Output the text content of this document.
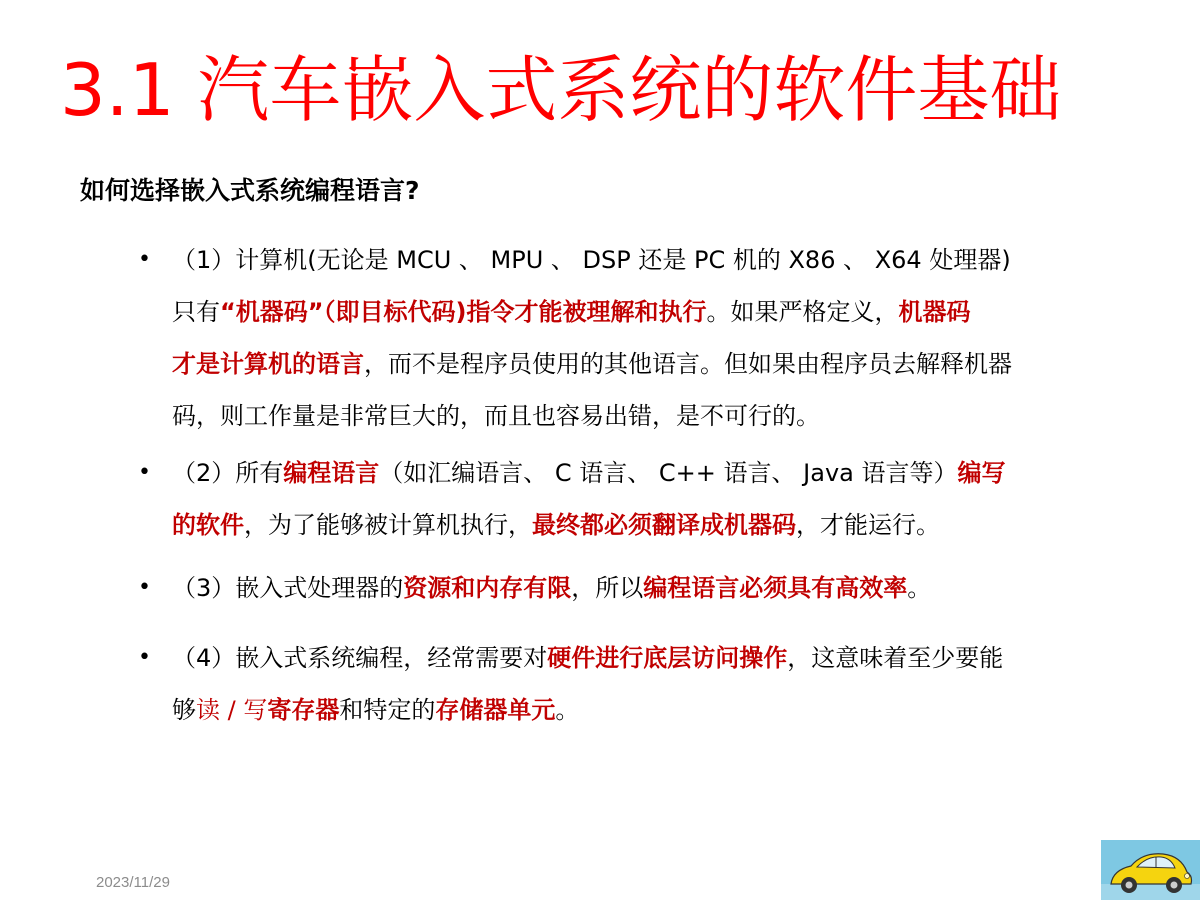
3.1 汽车嵌入式系统的软件基础
如何选择嵌入式系统编程语言?
• （1）计算机(无论是 MCU 、 MPU 、 DSP 还是 PC 机的 X86 、 X64 处理器)
只有“机器码”（即目标代码)指令才能被理解和执行。如果严格定义，机器码
才是计算机的语言，而不是程序员使用的其他语言。但如果由程序员去解释机器
码，则工作量是非常巨大的，而且也容易出错，是不可行的。
• （2）所有编程语言（如汇编语言、 C 语言、 C++ 语言、 Java 语言等）编写
的软件，为了能够被计算机执行，最终都必须翻译成机器码，才能运行。
• （3）嵌入式处理器的资源和内存有限，所以编程语言必须具有高效率。
• （4）嵌入式系统编程，经常需要对硬件进行底层访问操作，这意味着至少要能
够读 / 写寄存器和特定的存储器单元。
2023/11/29
